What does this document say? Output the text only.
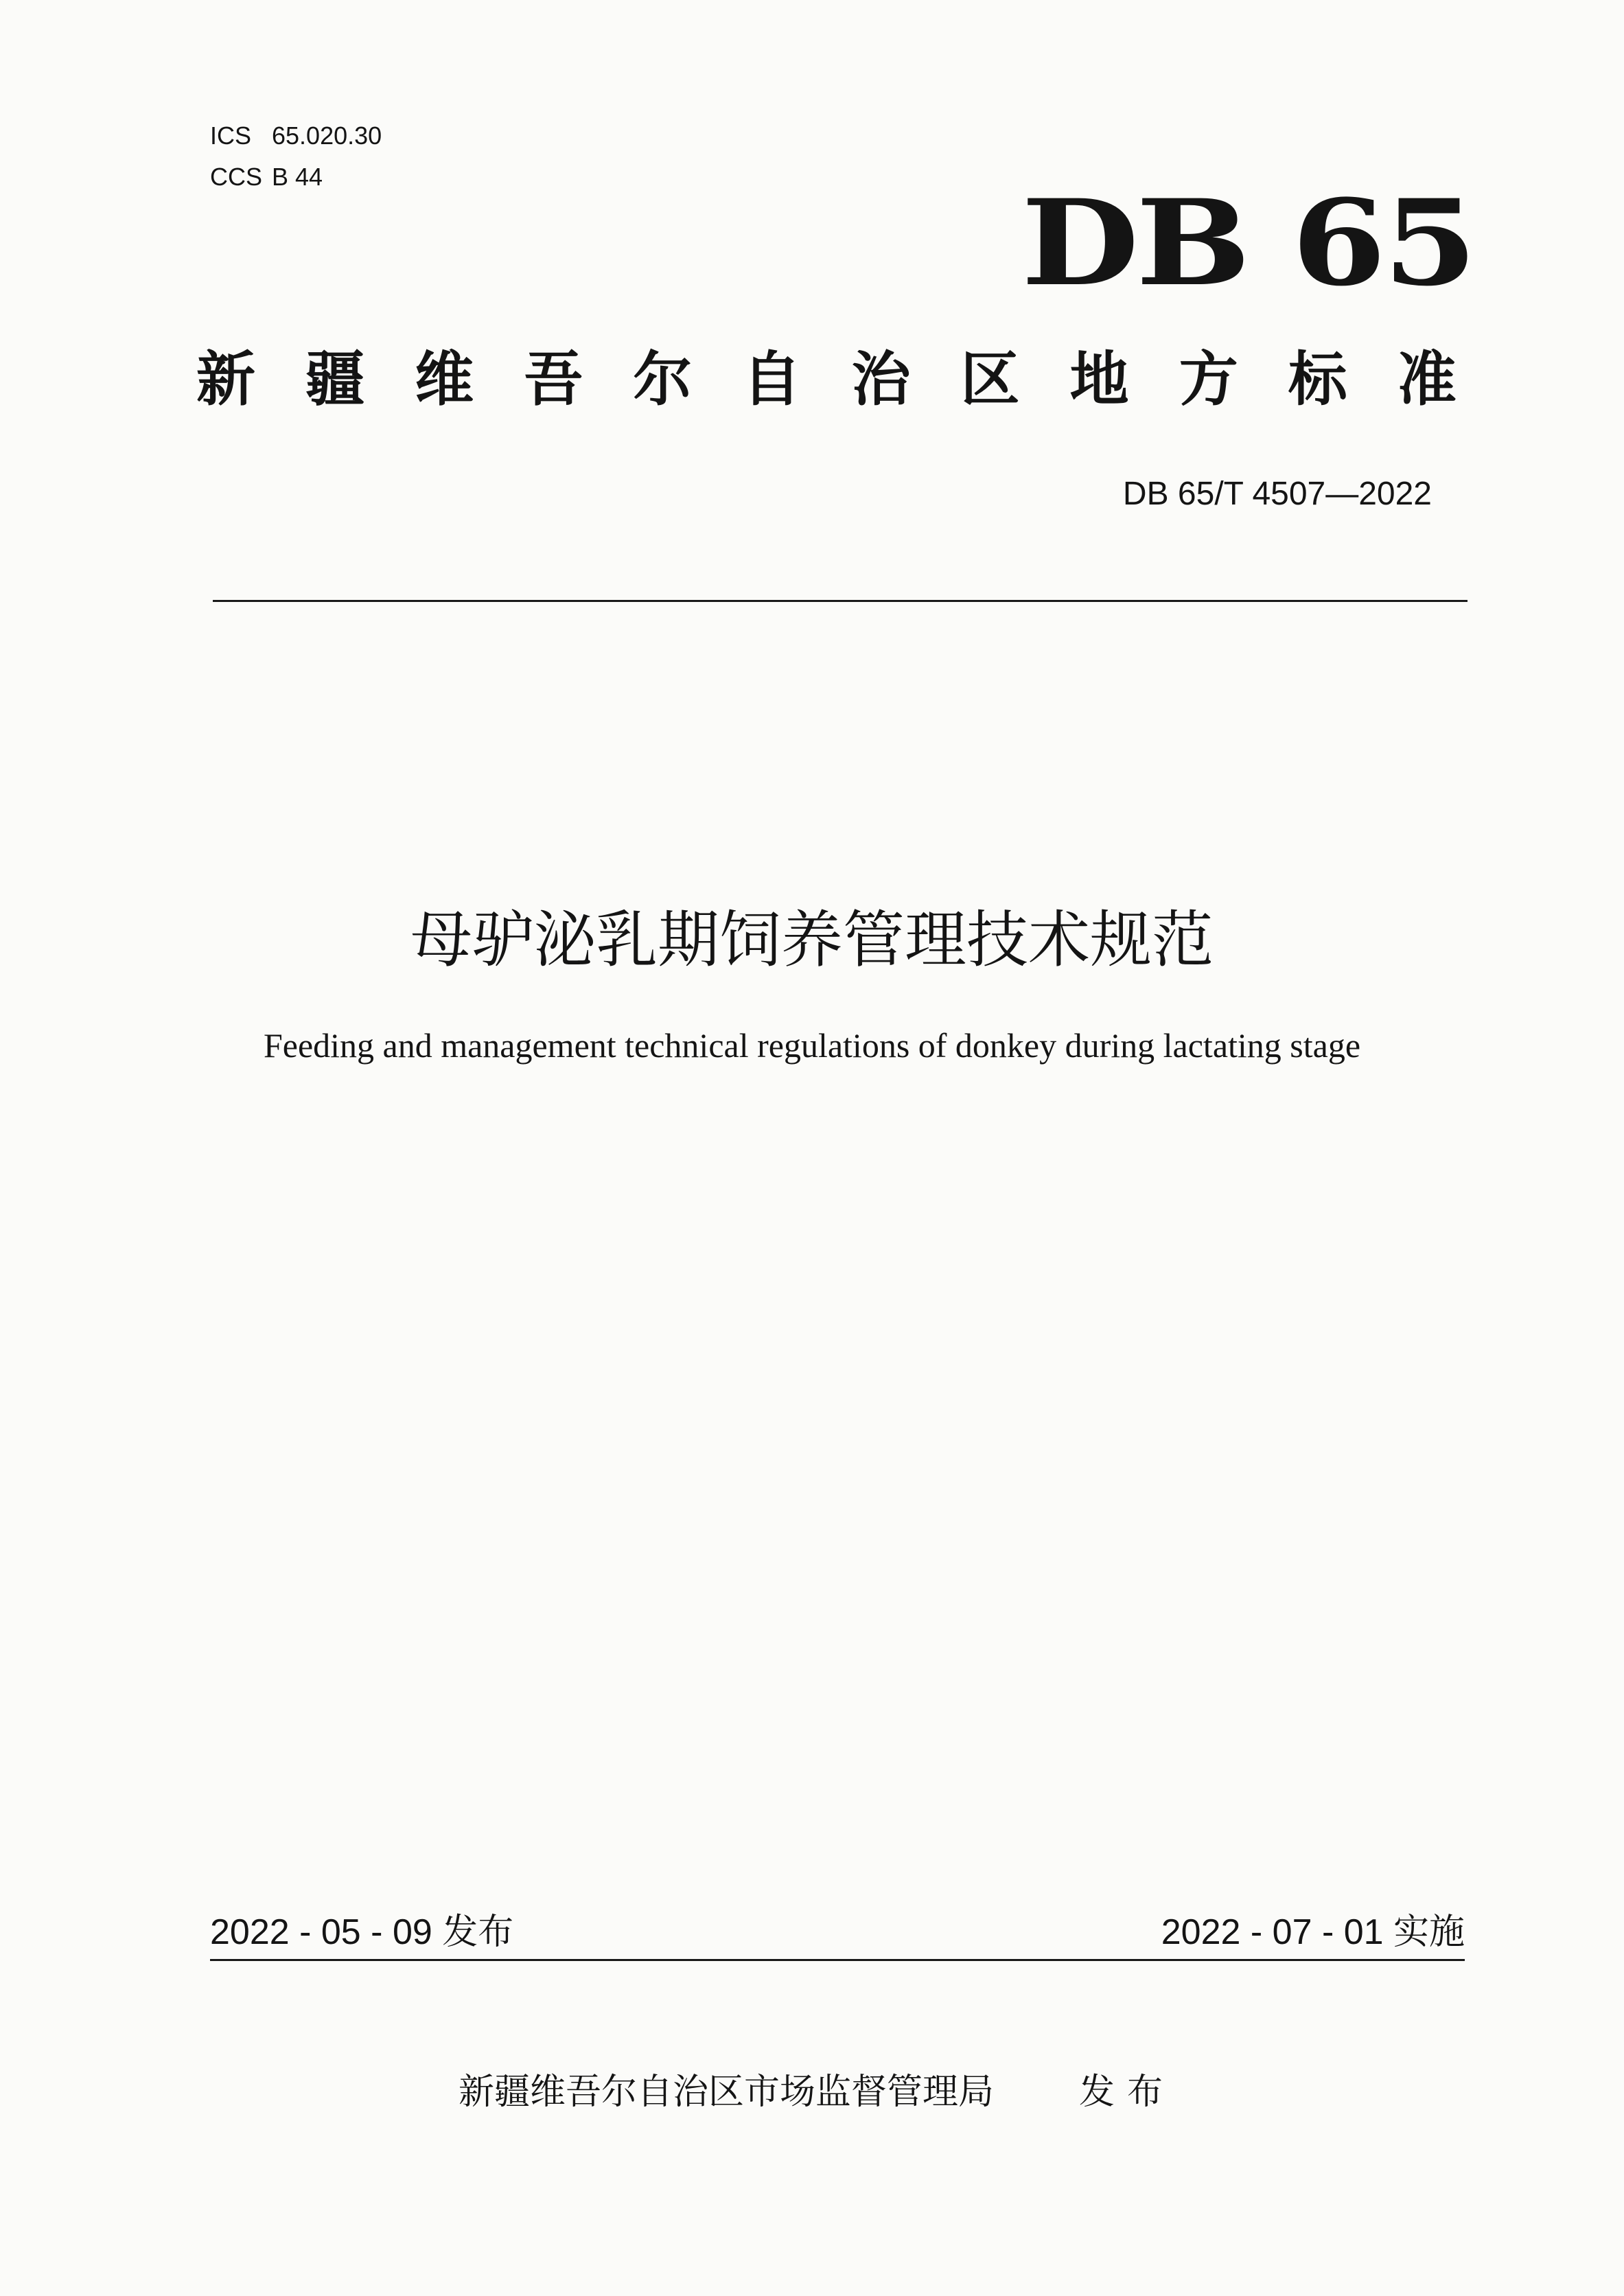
ICS 65.020.30
CCS B 44	DB 65
新 疆 维 吾 尔 自 治 区 地 方 标 准
DB 65/T 4507—2022
母驴泌乳期饲养管理技术规范
Feeding and management technical regulations of donkey during lactating stage
2022 - 05 - 09 发布	2022 - 07 - 01 实施
新疆维吾尔自治区市场监督管理局 发布
